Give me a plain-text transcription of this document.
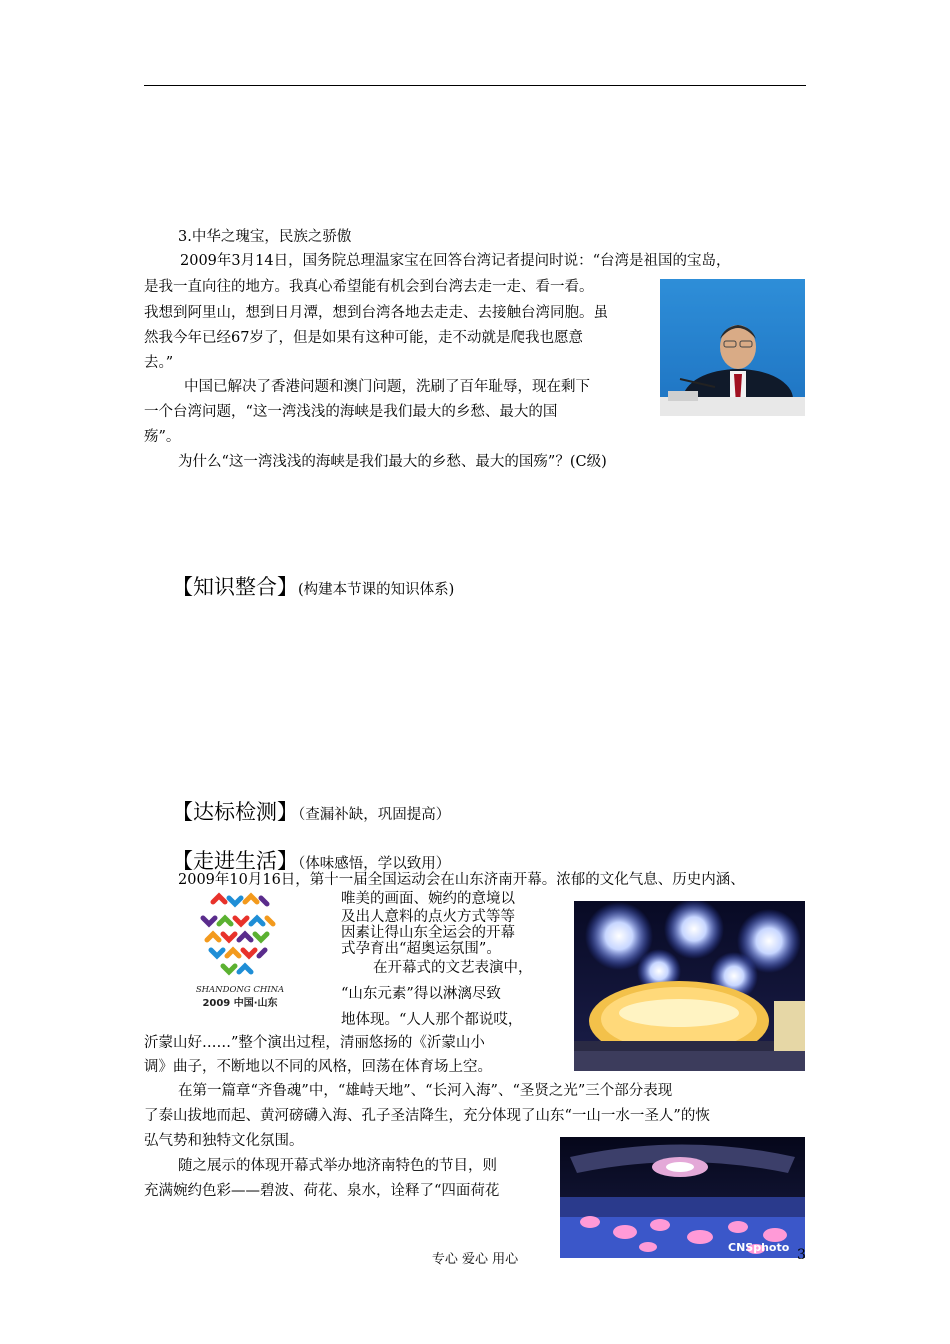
3.中华之瑰宝，民族之骄傲
2009年3月14日，国务院总理温家宝在回答台湾记者提问时说：“台湾是祖国的宝岛，
是我一直向往的地方。我真心希望能有机会到台湾去走一走、看一看。
我想到阿里山，想到日月潭，想到台湾各地去走走、去接触台湾同胞。虽
然我今年已经67岁了，但是如果有这种可能，走不动就是爬我也愿意
去。”
中国已解决了香港问题和澳门问题，洗刷了百年耻辱，现在剩下
一个台湾问题，“这一湾浅浅的海峡是我们最大的乡愁、最大的国
殇”。
为什么“这一湾浅浅的海峡是我们最大的乡愁、最大的国殇”？(C级)
【知识整合】(构建本节课的知识体系)
【达标检测】（查漏补缺，巩固提高）
【走进生活】（体味感悟，学以致用）
2009年10月16日，第十一届全国运动会在山东济南开幕。浓郁的文化气息、历史内涵、
唯美的画面、婉约的意境以
及出人意料的点火方式等等
因素让得山东全运会的开幕
式孕育出“超奥运氛围”。
在开幕式的文艺表演中，
“山东元素”得以淋漓尽致
地体现。“人人那个都说哎，
沂蒙山好……”整个演出过程，清丽悠扬的《沂蒙山小
调》曲子，不断地以不同的风格，回荡在体育场上空。
在第一篇章“齐鲁魂”中，“雄峙天地”、“长河入海”、“圣贤之光”三个部分表现
了泰山拔地而起、黄河磅礴入海、孔子圣洁降生，充分体现了山东“一山一水一圣人”的恢
弘气势和独特文化氛围。
随之展示的体现开幕式举办地济南特色的节目，则
充满婉约色彩——碧波、荷花、泉水，诠释了“四面荷花
SHANDONG CHINA
2009 中国·山东
CNSphoto
专心 爱心 用心	3
